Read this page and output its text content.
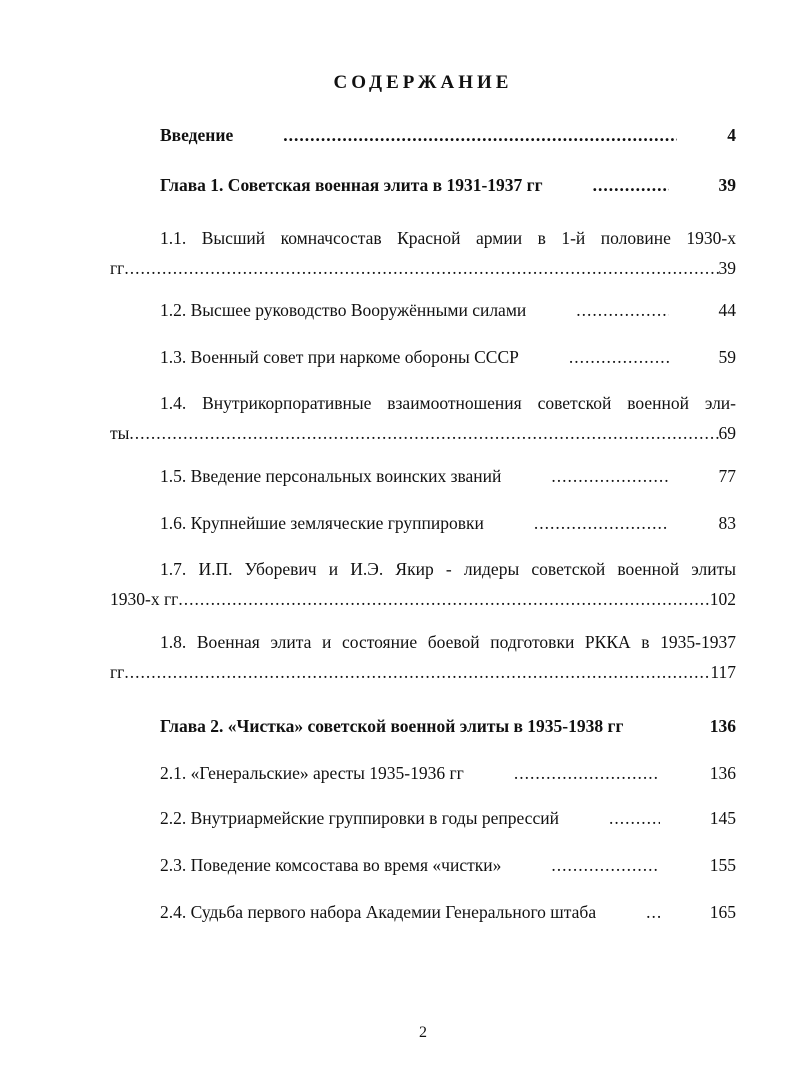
СОДЕРЖАНИЕ
Введение .....	4
Глава 1. Советская военная элита в 1931-1937 гг .....	39
1.1. Высший комначсостав Красной армии в 1-й половине 1930-х
гг .....	39
1.2. Высшее руководство Вооружёнными силами .....	44
1.3. Военный совет при наркоме обороны СССР .....	59
1.4. Внутрикорпоративные взаимоотношения советской военной эли-
ты .....	69
1.5. Введение персональных воинских званий .....	77
1.6. Крупнейшие земляческие группировки .....	83
1.7. И.П. Уборевич и И.Э. Якир - лидеры советской военной элиты
1930-х гг .....	102
1.8. Военная элита и состояние боевой подготовки РККА в 1935-1937
гг .....	117
Глава 2. «Чистка» советской военной элиты в 1935-1938 гг .....	136
2.1. «Генеральские» аресты 1935-1936 гг .....	136
2.2. Внутриармейские группировки в годы репрессий .....	145
2.3. Поведение комсостава во время «чистки» .....	155
2.4. Судьба первого набора Академии Генерального штаба .....	165
2
